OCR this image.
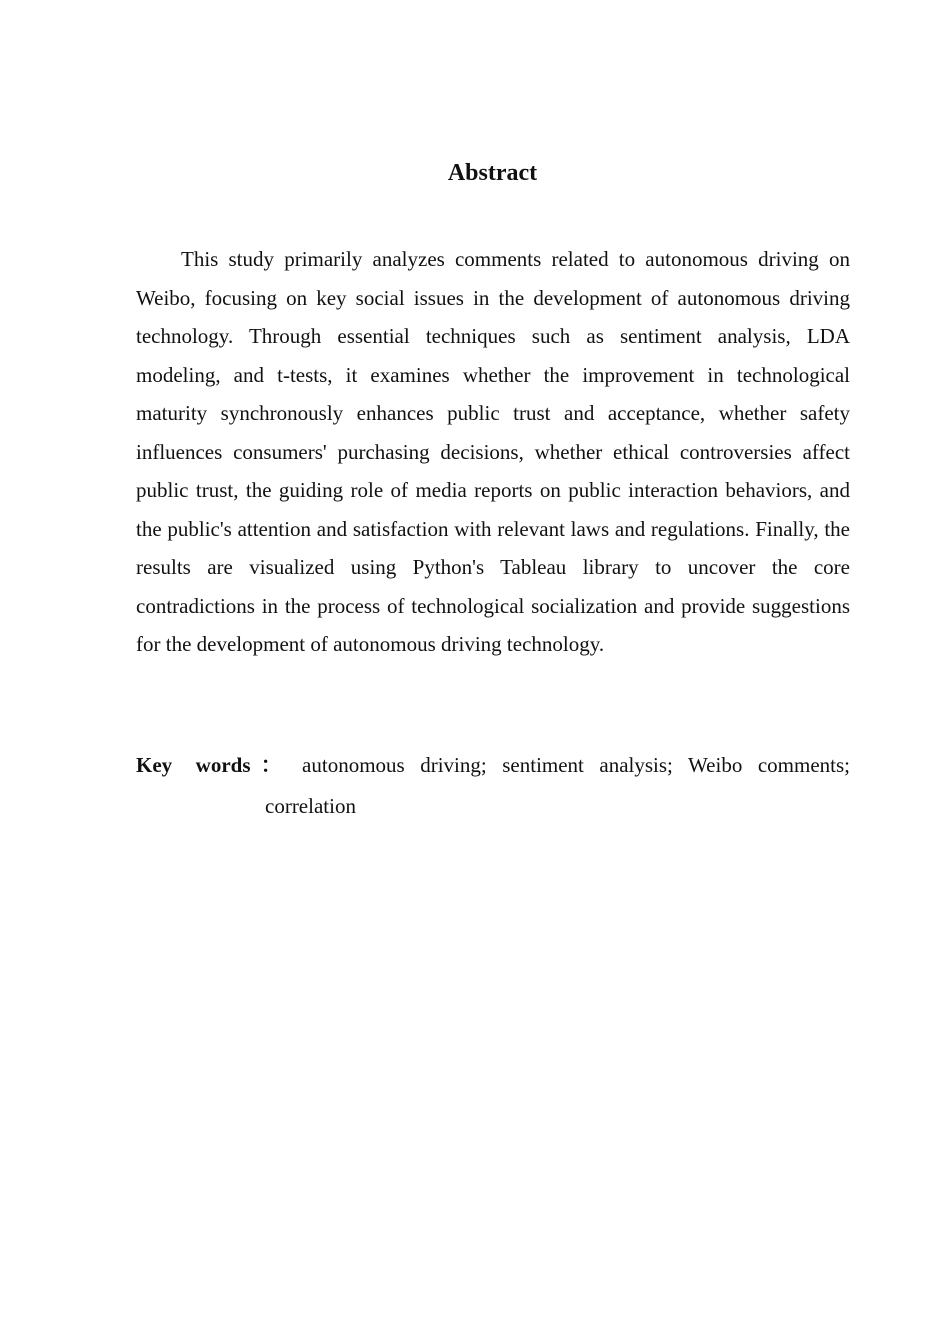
Abstract

This study primarily analyzes comments related to autonomous driving on Weibo, focusing on key social issues in the development of autonomous driving technology. Through essential techniques such as sentiment analysis, LDA modeling, and t-tests, it examines whether the improvement in technological maturity synchronously enhances public trust and acceptance, whether safety influences consumers' purchasing decisions, whether ethical controversies affect public trust, the guiding role of media reports on public interaction behaviors, and the public's attention and satisfaction with relevant laws and regulations. Finally, the results are visualized using Python's Tableau library to uncover the core contradictions in the process of technological socialization and provide suggestions for the development of autonomous driving technology.

Key words： autonomous driving; sentiment analysis; Weibo comments;

correlation
